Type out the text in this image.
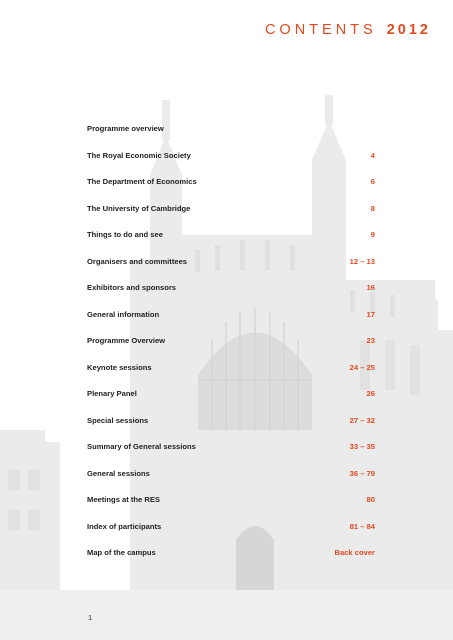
CONTENTS 2012
Programme overview
The Royal Economic Society	4
The Department of Economics	6
The University of Cambridge	8
Things to do and see	9
Organisers and committees	12 – 13
Exhibitors and sponsors	16
General information	17
Programme Overview	23
Keynote sessions	24 – 25
Plenary Panel	26
Special sessions	27 – 32
Summary of General sessions	33 – 35
General sessions	36 – 79
Meetings at the RES	80
Index of participants	81 – 84
Map of the campus	Back cover
1
